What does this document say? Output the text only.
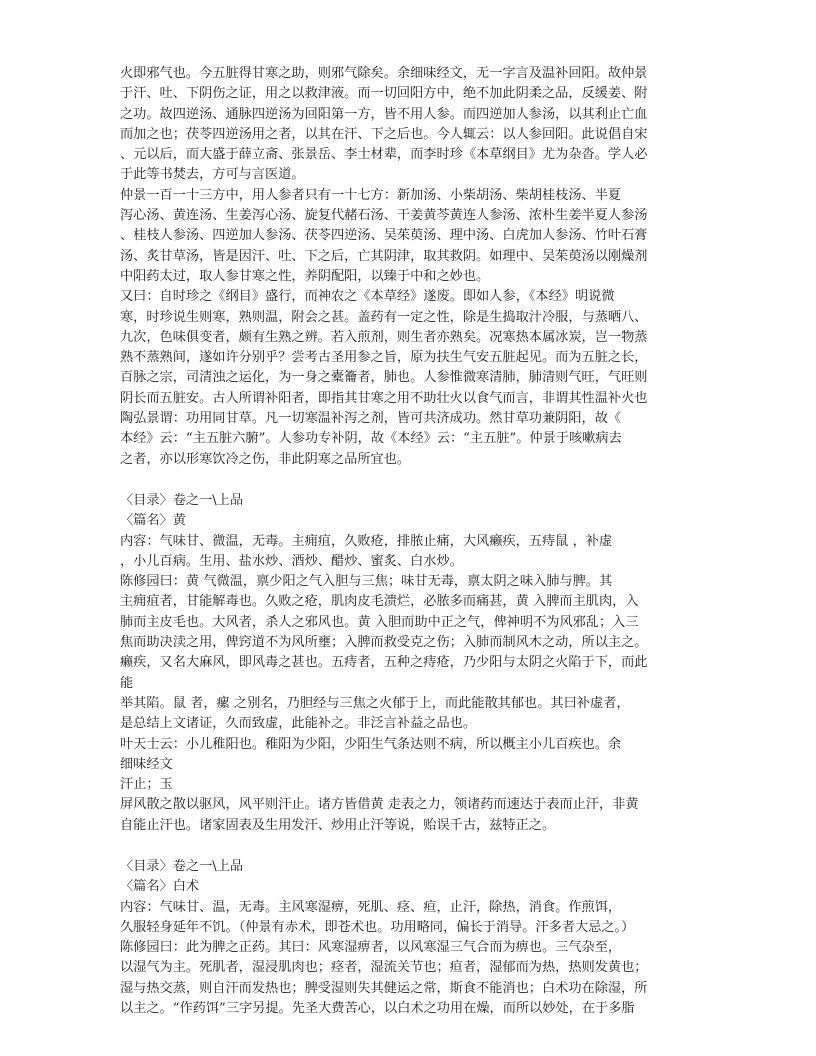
火即邪气也。今五脏得甘寒之助，则邪气除矣。余细味经文，无一字言及温补回阳。故仲景
于汗、吐、下阴伤之证，用之以救津液。而一切回阳方中，绝不加此阴柔之品，反缓姜、附
之功。故四逆汤、通脉四逆汤为回阳第一方，皆不用人参。而四逆加人参汤，以其利止亡血
而加之也；茯苓四逆汤用之者，以其在汗、下之后也。今人辄云：以人参回阳。此说倡自宋
、元以后，而大盛于薛立斋、张景岳、李士材辈，而李时珍《本草纲目》尤为杂沓。学人必
于此等书焚去，方可与言医道。
仲景一百一十三方中，用人参者只有一十七方：新加汤、小柴胡汤、柴胡桂枝汤、半夏
泻心汤、黄连汤、生姜泻心汤、旋复代赭石汤、干姜黄芩黄连人参汤、浓朴生姜半夏人参汤
、桂枝人参汤、四逆加人参汤、茯苓四逆汤、吴茱萸汤、理中汤、白虎加人参汤、竹叶石膏
汤、炙甘草汤，皆是因汗、吐、下之后，亡其阴津，取其救阴。如理中、吴茱萸汤以刚燥剂
中阳药太过，取人参甘寒之性，养阴配阳，以臻于中和之妙也。
又曰：自时珍之《纲目》盛行，而神农之《本草经》遂废。即如人参，《本经》明说微
寒，时珍说生则寒，熟则温，附会之甚。盖药有一定之性，除是生捣取汁冷服，与蒸晒八、
九次，色味俱变者，颇有生熟之辨。若入煎剂，则生者亦熟矣。况寒热本属冰炭，岂一物蒸
熟不蒸熟间，遂如许分别乎？尝考古圣用参之旨，原为扶生气安五脏起见。而为五脏之长，
百脉之宗，司清浊之运化，为一身之橐籥者，肺也。人参惟微寒清肺，肺清则气旺，气旺则
阴长而五脏安。古人所谓补阳者，即指其甘寒之用不助壮火以食气而言，非谓其性温补火也
陶弘景谓：功用同甘草。凡一切寒温补泻之剂，皆可共济成功。然甘草功兼阴阳，故《
本经》云：“主五脏六腑”。人参功专补阴，故《本经》云：“主五脏”。仲景于咳嗽病去
之者，亦以形寒饮冷之伤，非此阴寒之品所宜也。
〈目录〉卷之一\上品
〈篇名〉黄
内容：气味甘、微温，无毒。主痈疽，久败疮，排脓止痛，大风癞疾，五痔鼠 ，补虚
，小儿百病。生用、盐水炒、酒炒、醋炒、蜜炙、白水炒。
陈修园曰：黄 气微温，禀少阳之气入胆与三焦；味甘无毒，禀太阴之味入肺与脾。其
主痈疽者，甘能解毒也。久败之疮，肌肉皮毛溃烂，必脓多而痛甚，黄 入脾而主肌肉，入
肺而主皮毛也。大风者，杀人之邪风也。黄 入胆而助中正之气，俾神明不为风邪乱；入三
焦而助决渎之用，俾窍道不为风所壅；入脾而救受克之伤；入肺而制风木之动，所以主之。
癞疾，又名大麻风，即风毒之甚也。五痔者，五种之痔疮，乃少阳与太阴之火陷于下，而此
能
举其陷。鼠 者，瘰 之别名，乃胆经与三焦之火郁于上，而此能散其郁也。其曰补虚者，
是总结上文诸证，久而致虚，此能补之。非泛言补益之品也。
叶天士云：小儿稚阳也。稚阳为少阳，少阳生气条达则不病，所以概主小儿百疾也。余
细味经文
汗止；玉
屏风散之散以驱风，风平则汗止。诸方皆借黄 走表之力，领诸药而速达于表而止汗，非黄
自能止汗也。诸家固表及生用发汗、炒用止汗等说，贻误千古，兹特正之。
〈目录〉卷之一\上品
〈篇名〉白术
内容：气味甘、温，无毒。主风寒湿痹，死肌、痉、疸，止汗，除热，消食。作煎饵，
久服轻身延年不饥。（仲景有赤术，即苍术也。功用略同，偏长于消导。汗多者大忌之。）
陈修园曰：此为脾之正药。其曰：风寒湿痹者，以风寒湿三气合而为痹也。三气杂至，
以湿气为主。死肌者，湿浸肌肉也；痉者，湿流关节也；疸者，湿郁而为热，热则发黄也；
湿与热交蒸，则自汗而发热也；脾受湿则失其健运之常，斯食不能消也；白术功在除湿，所
以主之。“作药饵”三字另提。先圣大费苦心，以白术之功用在燥，而所以妙处，在于多脂
